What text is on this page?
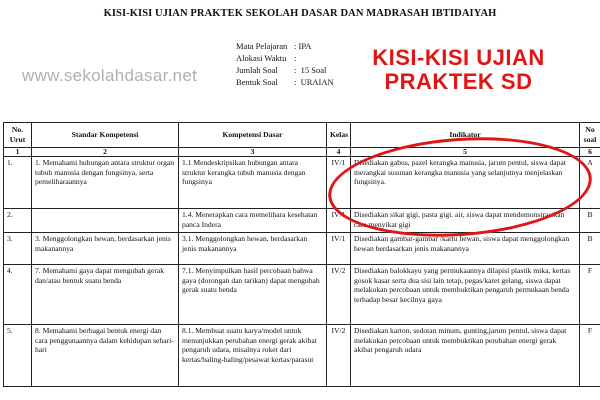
KISI-KISI UJIAN PRAKTEK SEKOLAH DASAR DAN MADRASAH IBTIDAIYAH
www.sekolahdasar.net
Mata Pelajaran : IPA
Alokasi Waktu :
Jumlah Soal	:  15 Soal
Bentuk Soal	:  URAIAN
KISI-KISI UJIAN
PRAKTEK SD
No. Urut	Standar Kompetensi	Kompetensi Dasar	Kelas	Indikator	No soal
1	2	3	4	5	6
1.	1. Memahami hubungan antara struktur organ tubuh manusia dengan fungsinya, serta pemeliharaannya	1.1 Mendeskripsikan hubungan antara struktur kerangka tubuh manusia dengan fungsinya	IV/1	Disediakan gabus, pazel kerangka manusia, jarum pentul, siswa dapat merangkai susunan kerangka manusia yang selanjutnya menjelaskan fungsinya.	A
2.		1.4. Menerapkan cara memelihara kesehatan panca Indera	IV/1	Disediakan sikat gigi, pasta gigi. air, siswa dapat mendemonstrasikan cara menyikat gigi	B
3.	3. Menggolongkan hewan, berdasarkan jenis makanannya	3.1. Menggolongkan hewan, berdasarkan jenis makanannya	IV/1	Disediakan gambar-gambar /kartu hewan, siswa dapat menggolongkan hewan berdasarkan jenis makanannya	B
4.	7. Memahami gaya dapat mengubah gerak dan/atau bentuk suatu benda	7.1. Menyimpulkan hasil percobaan bahwa gaya (dorongan dan tarikan) dapat mengubah gerak suatu benda	IV/2	Disediakan balokkayu yang permukaannya dilapisi plastik mika, kertas gosok kasar serta dua sisi lain tetap, pegas/karet gelang, siswa dapat melakukan percobaan untuk membuktikan pengaruh permukaan benda terhadap besar kecilnya gaya	F
5.	8. Memahami berbagai bentuk energi dan cara penggunaannya dalam kehidupan sehari-hari	8.1. Membuat suatu karya/model untuk menunjukkan perubahan energi gerak akibat pengaruh udara, misalnya roket dari kertas/baling-baling/pesawat kertas/parasut	IV/2	Disediakan karton, sedotan minum, gunting,jarum pentul, siswa dapat melakukan percobaan untuk membuktikan perubahan energi gerak akibat pengaruh udara	F
